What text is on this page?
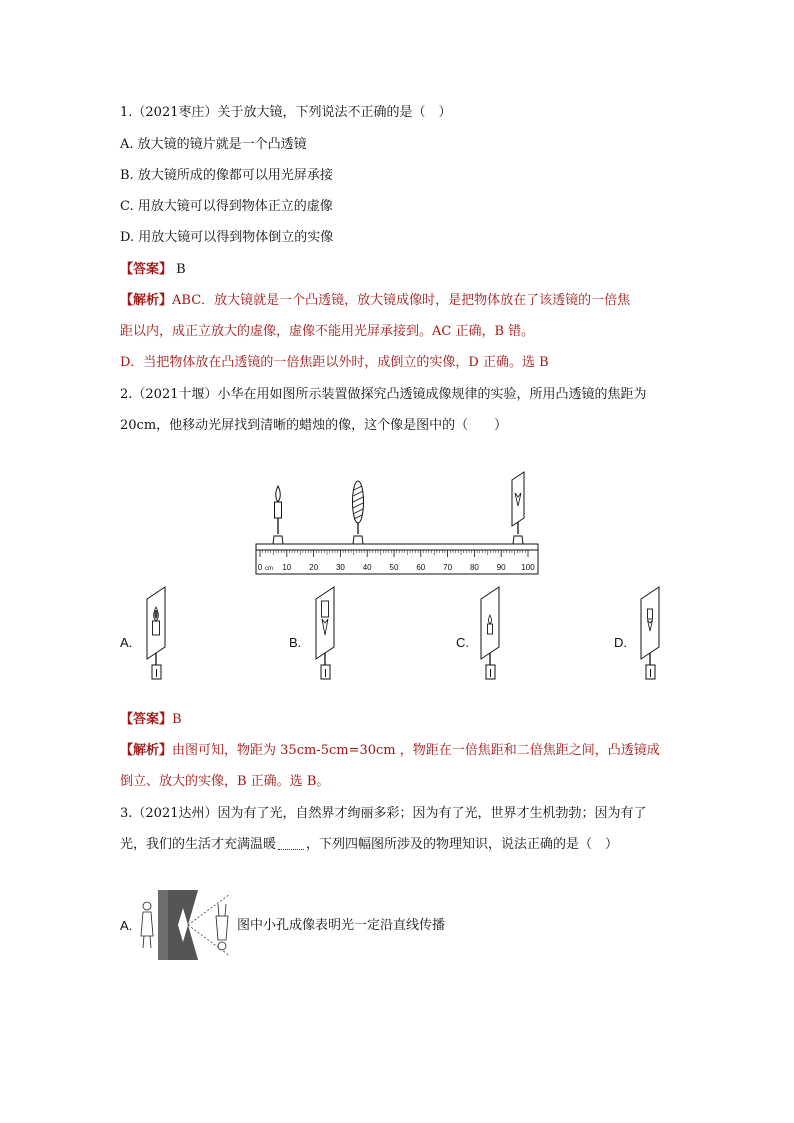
1.（2021枣庄）关于放大镜，下列说法不正确的是（　）
A. 放大镜的镜片就是一个凸透镜
B. 放大镜所成的像都可以用光屏承接
C. 用放大镜可以得到物体正立的虚像
D. 用放大镜可以得到物体倒立的实像
【答案】 B
【解析】ABC．放大镜就是一个凸透镜，放大镜成像时，是把物体放在了该透镜的一倍焦
距以内，成正立放大的虚像，虚像不能用光屏承接到。AC 正确，B 错。
D．当把物体放在凸透镜的一倍焦距以外时，成倒立的实像，D 正确。选 B
2.（2021十堰）小华在用如图所示装置做探究凸透镜成像规律的实验，所用凸透镜的焦距为
20cm，他移动光屏找到清晰的蜡烛的像，这个像是图中的（　　）
0 cm 10 20 30 40 50 60 70 80 90 100
A.	B.	C.	D.
【答案】B
【解析】由图可知，物距为 35cm-5cm=30cm ，物距在一倍焦距和二倍焦距之间，凸透镜成
倒立、放大的实像，B 正确。选 B。
3.（2021达州）因为有了光，自然界才绚丽多彩；因为有了光，世界才生机勃勃；因为有了
光，我们的生活才充满温暖 ，下列四幅图所涉及的物理知识，说法正确的是（　）
A.	图中小孔成像表明光一定沿直线传播
